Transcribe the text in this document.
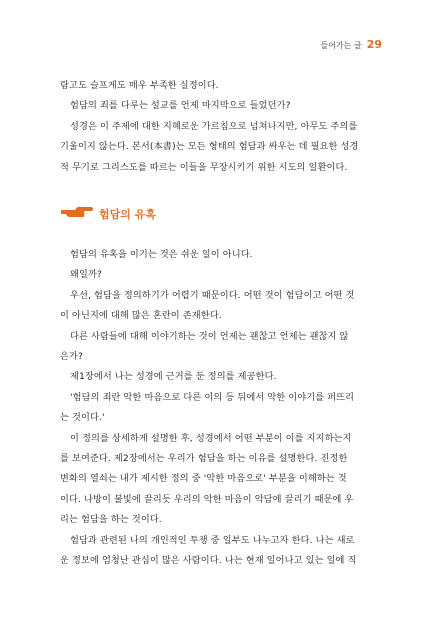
들어가는 글 29

람고도 슬프게도 매우 부족한 실정이다.

험담의 죄를 다루는 설교를 언제 마지막으로 들었던가?

성경은 이 주제에 대한 지혜로운 가르침으로 넘쳐나지만, 아무도 주의를

기울이지 않는다. 본서(本書)는 모든 형태의 험담과 싸우는 데 필요한 성경

적 무기로 그리스도를 따르는 이들을 무장시키기 위한 시도의 일환이다.

험담의 유혹

험담의 유혹을 이기는 것은 쉬운 일이 아니다.

왜일까?

우선, 험담을 정의하기가 어렵기 때문이다. 어떤 것이 험담이고 어떤 것

이 아닌지에 대해 많은 혼란이 존재한다.

다른 사람들에 대해 이야기하는 것이 언제는 괜찮고 언제는 괜찮지 않

은가?

제1장에서 나는 성경에 근거를 둔 정의를 제공한다.

'험담의 죄란 악한 마음으로 다른 이의 등 뒤에서 악한 이야기를 퍼뜨리

는 것이다.'

이 정의를 상세하게 설명한 후, 성경에서 어떤 부분이 이를 지지하는지

를 보여준다. 제2장에서는 우리가 험담을 하는 이유를 설명한다. 진정한

변화의 열쇠는 내가 제시한 정의 중 '악한 마음으로' 부분을 이해하는 것

이다. 나방이 불빛에 끌리듯 우리의 악한 마음이 악담에 끌리기 때문에 우

리는 험담을 하는 것이다.

험담과 관련된 나의 개인적인 투쟁 중 일부도 나누고자 한다. 나는 새로

운 정보에 엄청난 관심이 많은 사람이다. 나는 현재 일어나고 있는 일에 직
